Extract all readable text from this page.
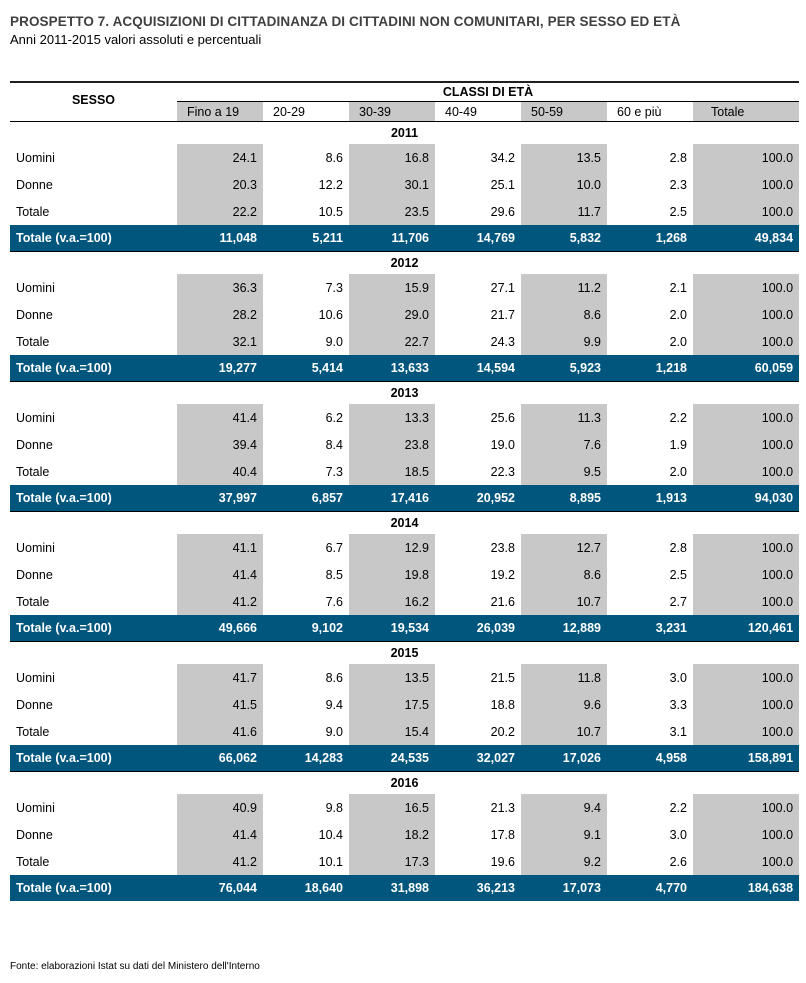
PROSPETTO 7. ACQUISIZIONI DI CITTADINANZA DI CITTADINI NON COMUNITARI, PER SESSO ED ETÀ
Anni 2011-2015 valori assoluti e percentuali
SESSO	CLASSI DI ETÀ						
	Fino a 19	20-29	30-39	40-49	50-59	60 e più	Totale
2011							
Uomini	24.1	8.6	16.8	34.2	13.5	2.8	100.0
Donne	20.3	12.2	30.1	25.1	10.0	2.3	100.0
Totale	22.2	10.5	23.5	29.6	11.7	2.5	100.0
Totale (v.a.=100)	11,048	5,211	11,706	14,769	5,832	1,268	49,834
2012							
Uomini	36.3	7.3	15.9	27.1	11.2	2.1	100.0
Donne	28.2	10.6	29.0	21.7	8.6	2.0	100.0
Totale	32.1	9.0	22.7	24.3	9.9	2.0	100.0
Totale (v.a.=100)	19,277	5,414	13,633	14,594	5,923	1,218	60,059
2013							
Uomini	41.4	6.2	13.3	25.6	11.3	2.2	100.0
Donne	39.4	8.4	23.8	19.0	7.6	1.9	100.0
Totale	40.4	7.3	18.5	22.3	9.5	2.0	100.0
Totale (v.a.=100)	37,997	6,857	17,416	20,952	8,895	1,913	94,030
2014							
Uomini	41.1	6.7	12.9	23.8	12.7	2.8	100.0
Donne	41.4	8.5	19.8	19.2	8.6	2.5	100.0
Totale	41.2	7.6	16.2	21.6	10.7	2.7	100.0
Totale (v.a.=100)	49,666	9,102	19,534	26,039	12,889	3,231	120,461
2015							
Uomini	41.7	8.6	13.5	21.5	11.8	3.0	100.0
Donne	41.5	9.4	17.5	18.8	9.6	3.3	100.0
Totale	41.6	9.0	15.4	20.2	10.7	3.1	100.0
Totale (v.a.=100)	66,062	14,283	24,535	32,027	17,026	4,958	158,891
2016							
Uomini	40.9	9.8	16.5	21.3	9.4	2.2	100.0
Donne	41.4	10.4	18.2	17.8	9.1	3.0	100.0
Totale	41.2	10.1	17.3	19.6	9.2	2.6	100.0
Totale (v.a.=100)	76,044	18,640	31,898	36,213	17,073	4,770	184,638
Fonte: elaborazioni Istat su dati del Ministero dell'Interno
